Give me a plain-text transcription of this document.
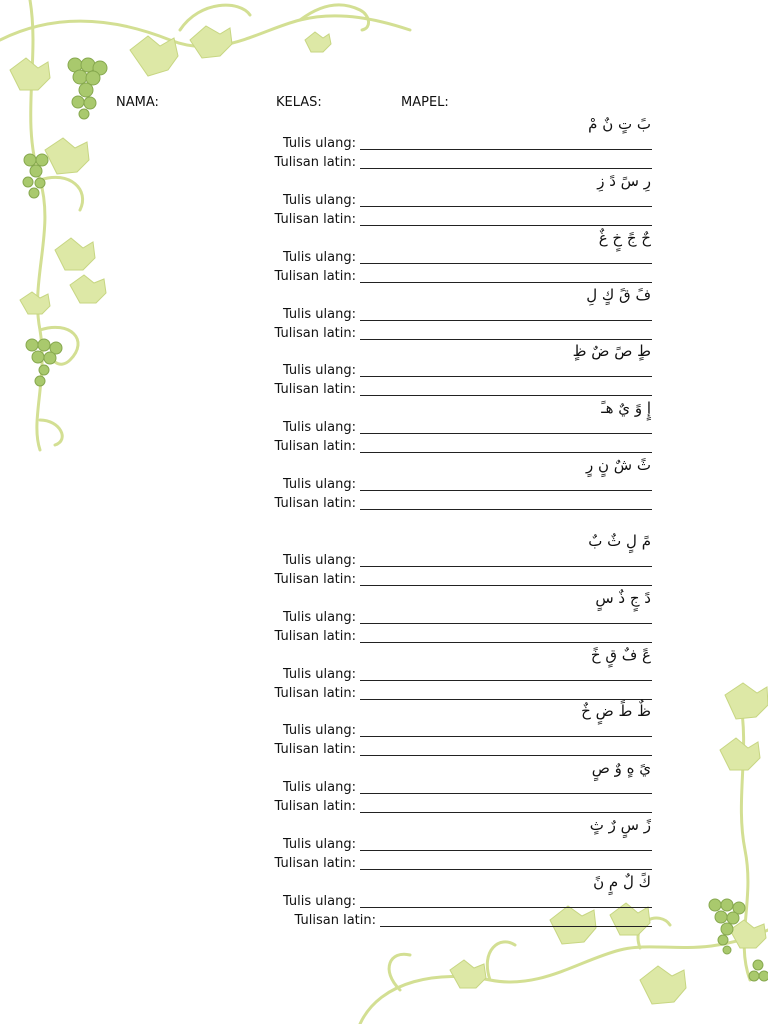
NAMA:	KELAS:	MAPEL:
بً تٍ نٌ مْ
Tulis ulang:
Tulisan latin:
رِ سً دً زِ
Tulis ulang:
Tulisan latin:
حٌ جً خٍ غٌ
Tulis ulang:
Tulisan latin:
فً قً كٍ لِ
Tulis ulang:
Tulisan latin:
طٍ صً ضٌ ظٍ
Tulis ulang:
Tulisan latin:
إٍ وً يٌ هـً
Tulis ulang:
Tulisan latin:
ثً شٌ نٍ رٍ
Tulis ulang:
Tulisan latin:
مً لٍ ثٌ بٌ
Tulis ulang:
Tulisan latin:
دً جٍ ذٌ سٍ
Tulis ulang:
Tulisan latin:
عً فٌ قٍ خً
Tulis ulang:
Tulisan latin:
ظٌ طً ضٍ خٌ
Tulis ulang:
Tulisan latin:
يً هٍ وٌ صٍ
Tulis ulang:
Tulisan latin:
زً سٍ رٌ ثٍ
Tulis ulang:
Tulisan latin:
كً لٌ مٍ نً
Tulis ulang:
Tulisan latin:
